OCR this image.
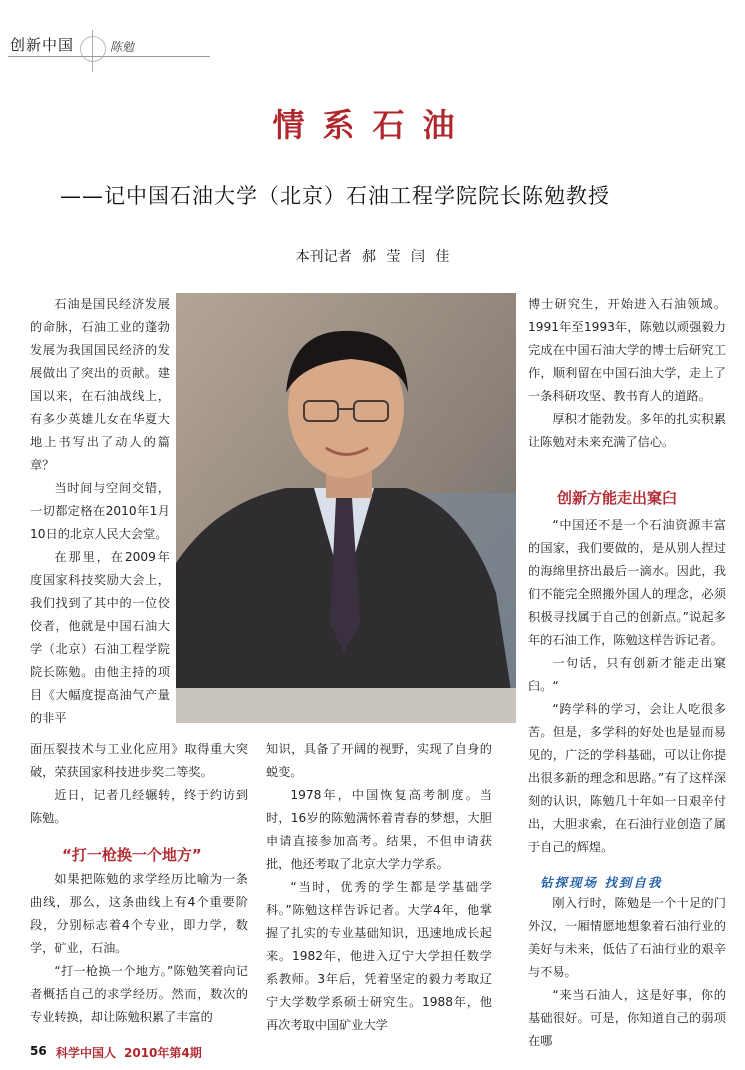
创新中国	陈勉
情系石油
——记中国石油大学（北京）石油工程学院院长陈勉教授
本刊记者 郝 莹 闫 佳

石油是国民经济发展的命脉，石油工业的蓬勃发展为我国国民经济的发展做出了突出的贡献。建国以来，在石油战线上，有多少英雄儿女在华夏大地上书写出了动人的篇章？

当时间与空间交错，一切都定格在2010年1月10日的北京人民大会堂。

在那里，在2009年度国家科技奖励大会上，我们找到了其中的一位佼佼者，他就是中国石油大学（北京）石油工程学院院长陈勉。由他主持的项目《大幅度提高油气产量的非平

面压裂技术与工业化应用》取得重大突破，荣获国家科技进步奖二等奖。

近日，记者几经辗转，终于约访到陈勉。

“打一枪换一个地方”

如果把陈勉的求学经历比喻为一条曲线，那么，这条曲线上有4个重要阶段，分别标志着4个专业，即力学，数学，矿业，石油。

“打一枪换一个地方。”陈勉笑着向记者概括自己的求学经历。然而，数次的专业转换，却让陈勉积累了丰富的

知识，具备了开阔的视野，实现了自身的蜕变。

1978年，中国恢复高考制度。当时，16岁的陈勉满怀着青春的梦想，大胆申请直接参加高考。结果，不但申请获批，他还考取了北京大学力学系。

“当时，优秀的学生都是学基础学科。”陈勉这样告诉记者。大学4年，他掌握了扎实的专业基础知识，迅速地成长起来。1982年，他进入辽宁大学担任数学系教师。3年后，凭着坚定的毅力考取辽宁大学数学系硕士研究生。1988年，他再次考取中国矿业大学

博士研究生，开始进入石油领域。1991年至1993年，陈勉以顽强毅力完成在中国石油大学的博士后研究工作，顺利留在中国石油大学，走上了一条科研攻坚、教书育人的道路。

厚积才能勃发。多年的扎实积累让陈勉对未来充满了信心。

创新方能走出窠臼

“中国还不是一个石油资源丰富的国家，我们要做的，是从别人捏过的海绵里挤出最后一滴水。因此，我们不能完全照搬外国人的理念，必须积极寻找属于自己的创新点。”说起多年的石油工作，陈勉这样告诉记者。

一句话，只有创新才能走出窠臼。“

“跨学科的学习，会让人吃很多苦。但是，多学科的好处也是显而易见的，广泛的学科基础，可以让你提出很多新的理念和思路。”有了这样深刻的认识，陈勉几十年如一日艰辛付出，大胆求索，在石油行业创造了属于自己的辉煌。

钻探现场 找到自我

刚入行时，陈勉是一个十足的门外汉，一厢情愿地想象着石油行业的美好与未来，低估了石油行业的艰辛与不易。

“来当石油人，这是好事，你的基础很好。可是，你知道自己的弱项在哪

56 科学中国人 2010年第4期
